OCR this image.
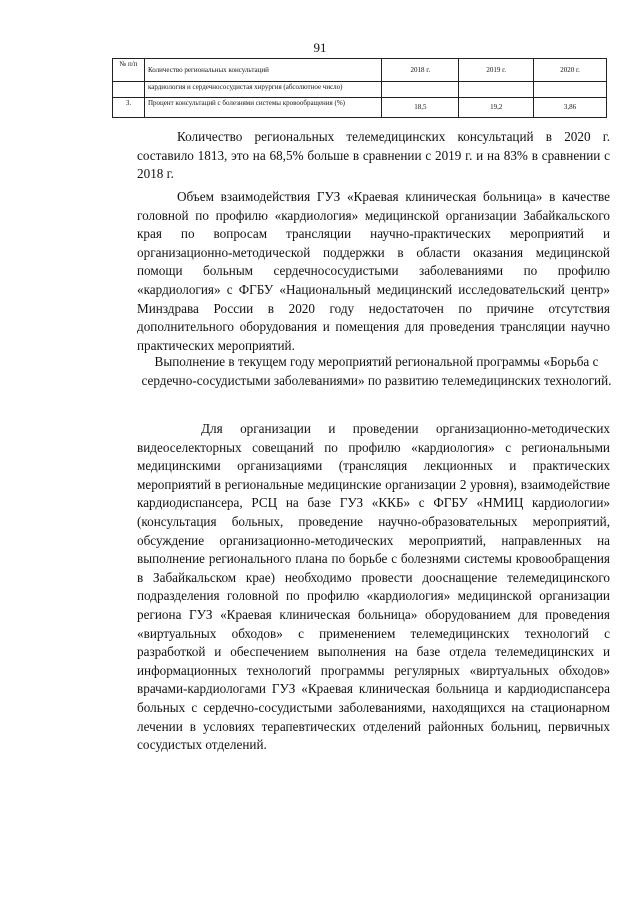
91
№ п/п	Количество региональных консультаций	2018 г.	2019 г.	2020 г.
	кардиология и сердечнососудистая хирургия (абсолютное число)			
3.	Процент консультаций с болезнями системы кровообращения (%)	18,5	19,2	3,86
Количество региональных телемедицинских консультаций в 2020 г. составило 1813, это на 68,5% больше в сравнении с 2019 г. и на 83% в сравнении с 2018 г.
Объем взаимодействия ГУЗ «Краевая клиническая больница» в качестве головной по профилю «кардиология» медицинской организации Забайкальского края по вопросам трансляции научно-практических мероприятий и организационно-методической поддержки в области оказания медицинской помощи больным сердечнососудистыми заболеваниями по профилю «кардиология» с ФГБУ «Национальный медицинский исследовательский центр» Минздрава России в 2020 году недостаточен по причине отсутствия дополнительного оборудования и помещения для проведения трансляции научно практических мероприятий.
Выполнение в текущем году мероприятий региональной программы «Борьба с сердечно-сосудистыми заболеваниями» по развитию телемедицинских технологий.
Для организации и проведении организационно-методических видеоселекторных совещаний по профилю «кардиология» с региональными медицинскими организациями (трансляция лекционных и практических мероприятий в региональные медицинские организации 2 уровня), взаимодействие кардиодиспансера, РСЦ на базе ГУЗ «ККБ» с ФГБУ «НМИЦ кардиологии» (консультация больных, проведение научно-образовательных мероприятий, обсуждение организационно-методических мероприятий, направленных на выполнение регионального плана по борьбе с болезнями системы кровообращения в Забайкальском крае) необходимо провести дооснащение телемедицинского подразделения головной по профилю «кардиология» медицинской организации региона ГУЗ «Краевая клиническая больница» оборудованием для проведения «виртуальных обходов» с применением телемедицинских технологий с разработкой и обеспечением выполнения на базе отдела телемедицинских и информационных технологий программы регулярных «виртуальных обходов» врачами-кардиологами ГУЗ «Краевая клиническая больница и кардиодиспансера больных с сердечно-сосудистыми заболеваниями, находящихся на стационарном лечении в условиях терапевтических отделений районных больниц, первичных сосудистых отделений.
